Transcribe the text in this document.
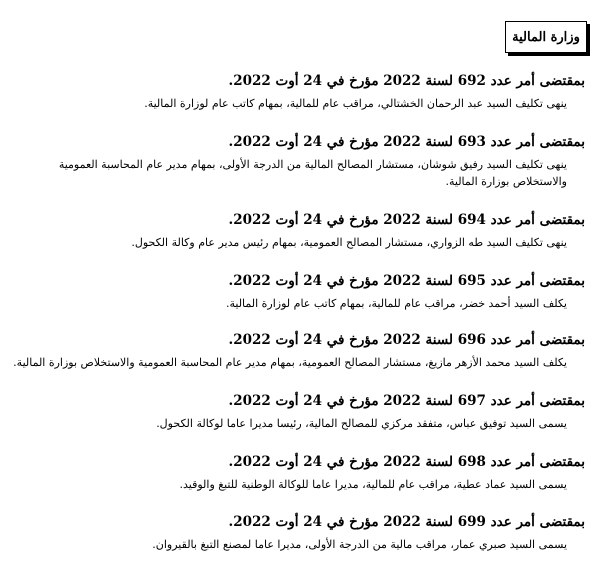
وزارة المالية

بمقتضى أمر عدد 692 لسنة 2022 مؤرخ في 24 أوت 2022.

ينهى تكليف السيد عبد الرحمان الخشتالي، مراقب عام للمالية، بمهام كاتب عام لوزارة المالية.

بمقتضى أمر عدد 693 لسنة 2022 مؤرخ في 24 أوت 2022.

ينهى تكليف السيد رفيق شوشان، مستشار المصالح المالية من الدرجة الأولى، بمهام مدير عام المحاسبة العمومية والاستخلاص بوزارة المالية.

بمقتضى أمر عدد 694 لسنة 2022 مؤرخ في 24 أوت 2022.

ينهى تكليف السيد طه الزواري، مستشار المصالح العمومية، بمهام رئيس مدير عام وكالة الكحول.

بمقتضى أمر عدد 695 لسنة 2022 مؤرخ في 24 أوت 2022.

يكلف السيد أحمد خضر، مراقب عام للمالية، بمهام كاتب عام لوزارة المالية.

بمقتضى أمر عدد 696 لسنة 2022 مؤرخ في 24 أوت 2022.

يكلف السيد محمد الأزهر مازيغ، مستشار المصالح العمومية، بمهام مدير عام المحاسبة العمومية والاستخلاص بوزارة المالية.

بمقتضى أمر عدد 697 لسنة 2022 مؤرخ في 24 أوت 2022.

يسمى السيد توفيق عباس، متفقد مركزي للمصالح المالية، رئيسا مديرا عاما لوكالة الكحول.

بمقتضى أمر عدد 698 لسنة 2022 مؤرخ في 24 أوت 2022.

يسمى السيد عماد عطية، مراقب عام للمالية، مديرا عاما للوكالة الوطنية للتبغ والوقيد.

بمقتضى أمر عدد 699 لسنة 2022 مؤرخ في 24 أوت 2022.

يسمى السيد صبري عمار، مراقب مالية من الدرجة الأولى، مديرا عاما لمصنع التبغ بالقيروان.
